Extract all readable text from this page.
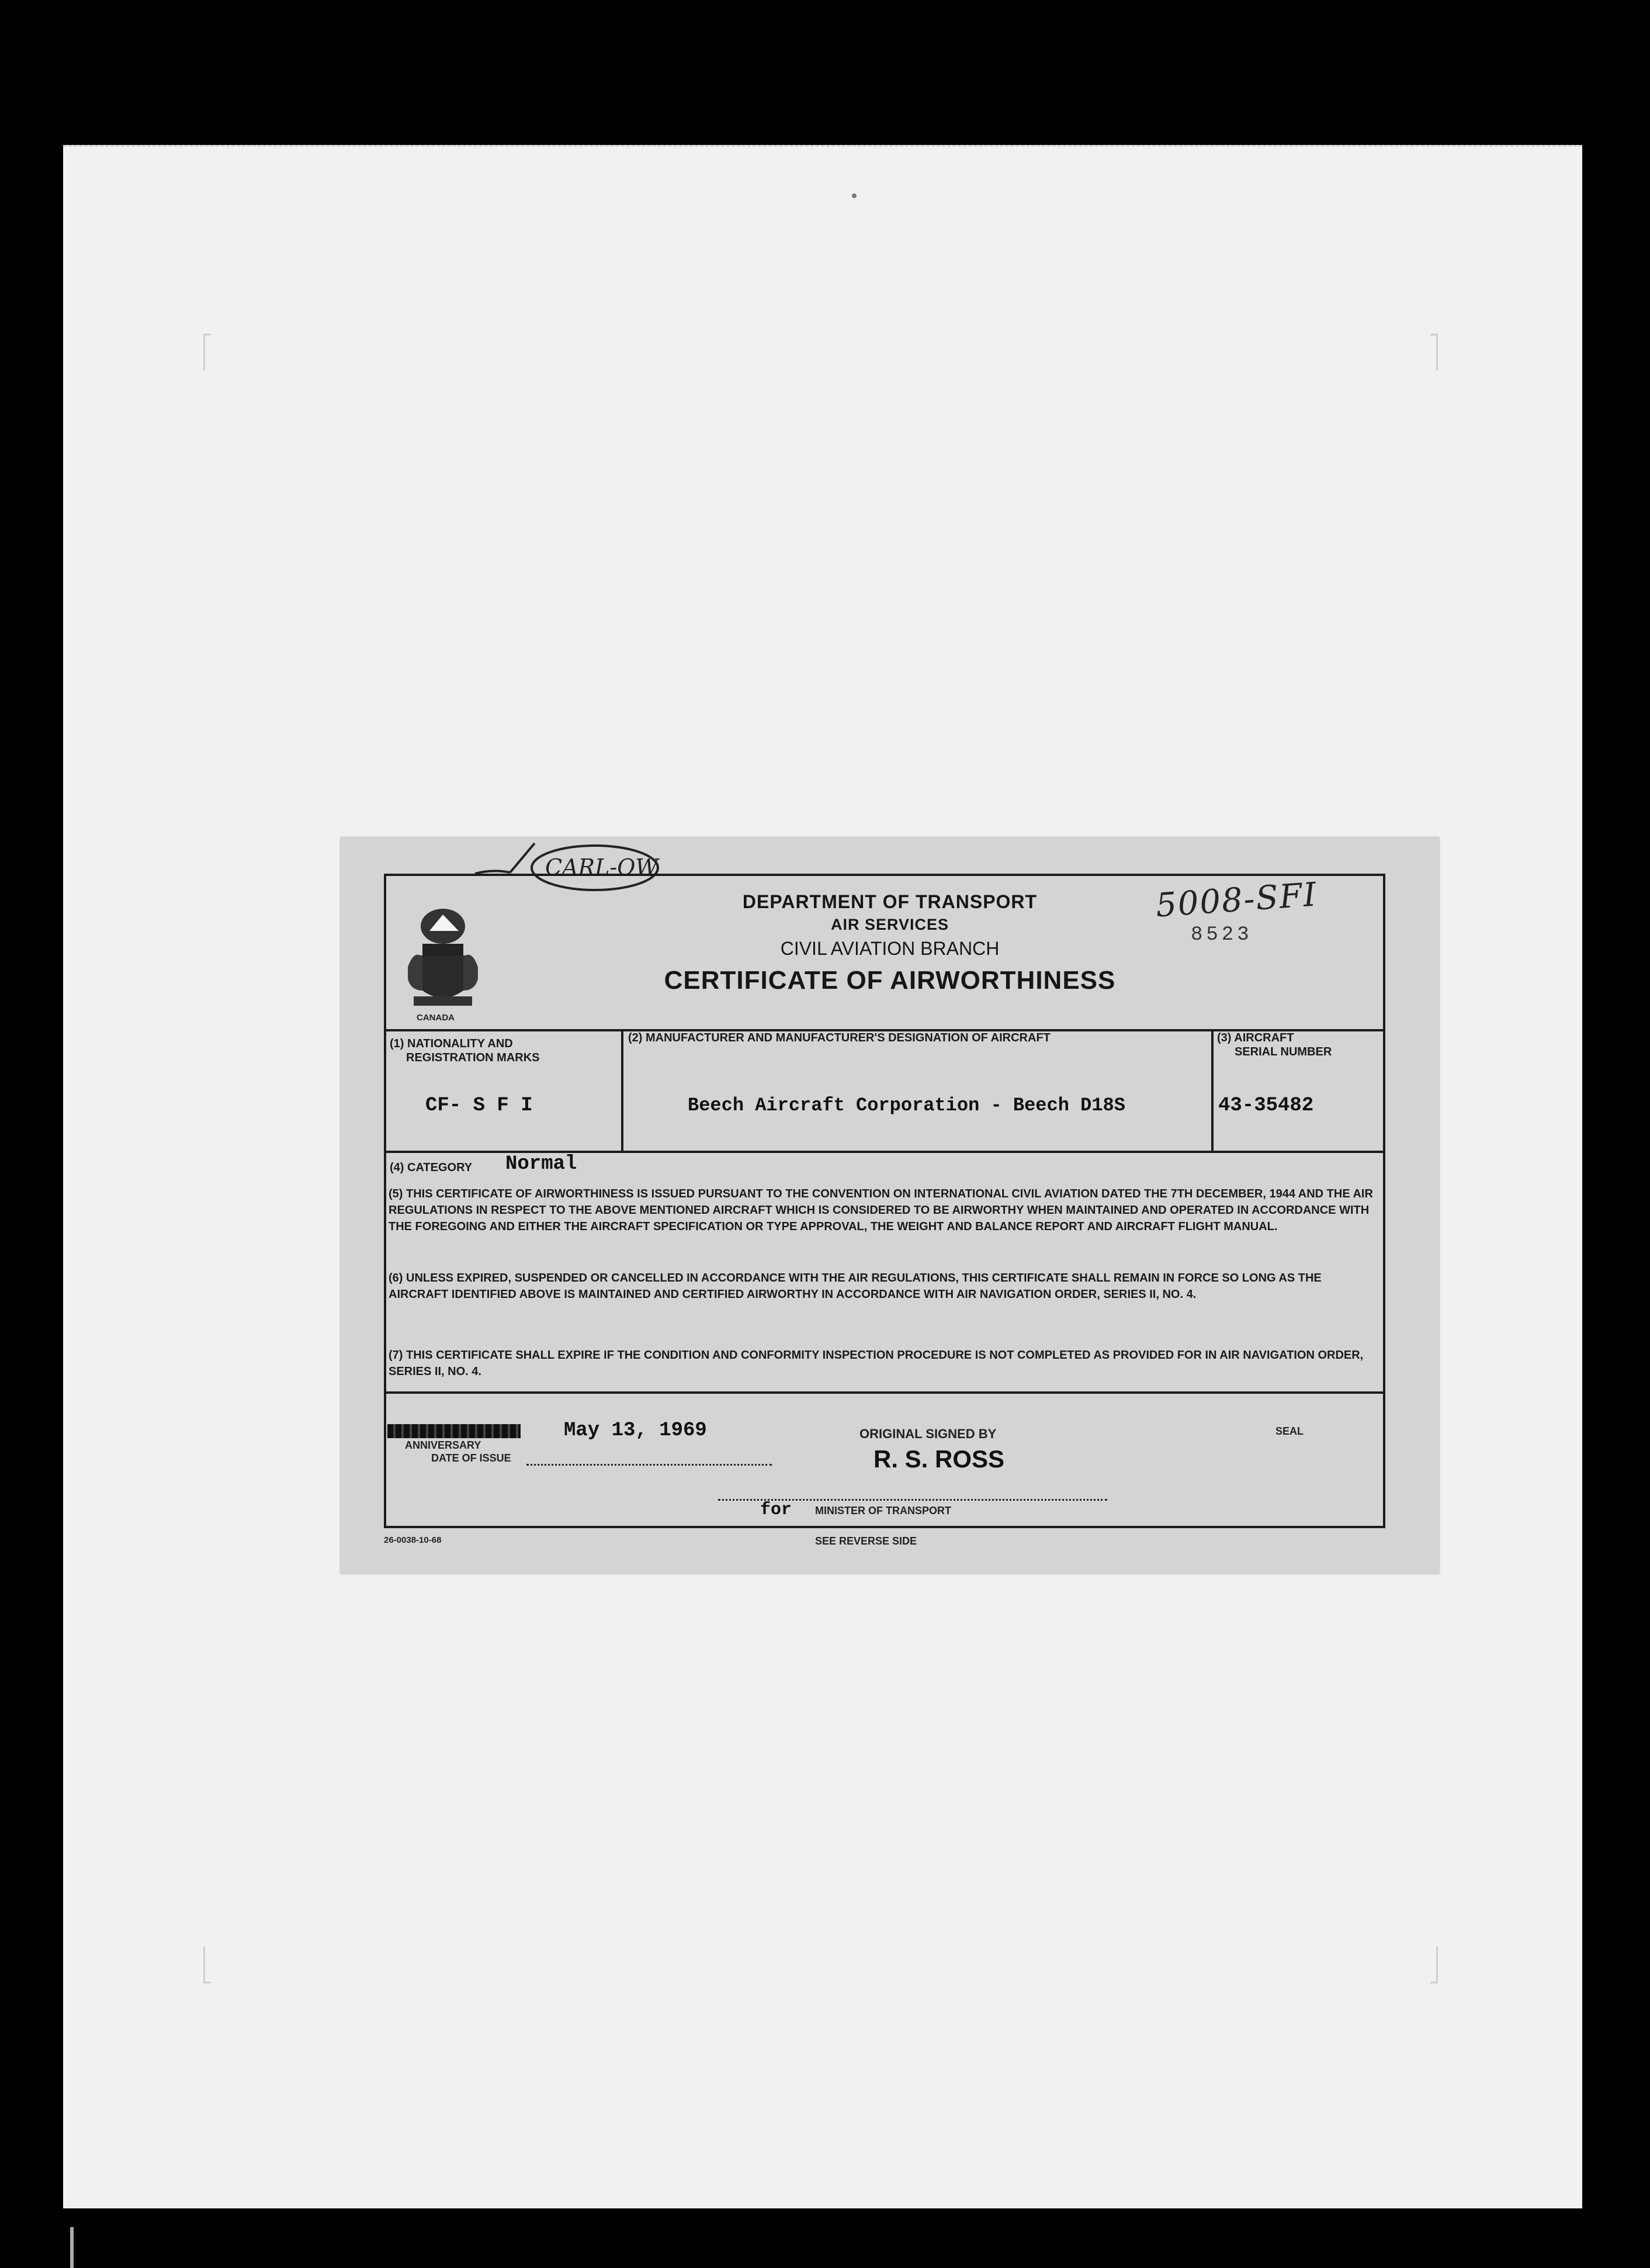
CARL-OW
5008-SFI
8523
CANADA
DEPARTMENT OF TRANSPORT
AIR SERVICES
CIVIL AVIATION BRANCH
CERTIFICATE OF AIRWORTHINESS
(1) NATIONALITY AND
REGISTRATION MARKS
CF- S F I
(2) MANUFACTURER AND MANUFACTURER'S DESIGNATION OF AIRCRAFT
Beech Aircraft Corporation - Beech D18S
(3) AIRCRAFT
SERIAL NUMBER
43-35482
(4) CATEGORY Normal
(5) THIS CERTIFICATE OF AIRWORTHINESS IS ISSUED PURSUANT TO THE CONVENTION ON INTERNATIONAL CIVIL AVIATION DATED THE 7TH DECEMBER, 1944 AND THE AIR REGULATIONS IN RESPECT TO THE ABOVE MENTIONED AIRCRAFT WHICH IS CONSIDERED TO BE AIRWORTHY WHEN MAINTAINED AND OPERATED IN ACCORDANCE WITH THE FOREGOING AND EITHER THE AIRCRAFT SPECIFICATION OR TYPE APPROVAL, THE WEIGHT AND BALANCE REPORT AND AIRCRAFT FLIGHT MANUAL.
(6) UNLESS EXPIRED, SUSPENDED OR CANCELLED IN ACCORDANCE WITH THE AIR REGULATIONS, THIS CERTIFICATE SHALL REMAIN IN FORCE SO LONG AS THE AIRCRAFT IDENTIFIED ABOVE IS MAINTAINED AND CERTIFIED AIRWORTHY IN ACCORDANCE WITH AIR NAVIGATION ORDER, SERIES II, NO. 4.
(7) THIS CERTIFICATE SHALL EXPIRE IF THE CONDITION AND CONFORMITY INSPECTION PROCEDURE IS NOT COMPLETED AS PROVIDED FOR IN AIR NAVIGATION ORDER, SERIES II, NO. 4.
ANNIVERSARY
DATE OF ISSUE
May 13, 1969	ORIGINAL SIGNED BY
R. S. ROSS
SEAL
for MINISTER OF TRANSPORT
26-0038-10-68	SEE REVERSE SIDE
